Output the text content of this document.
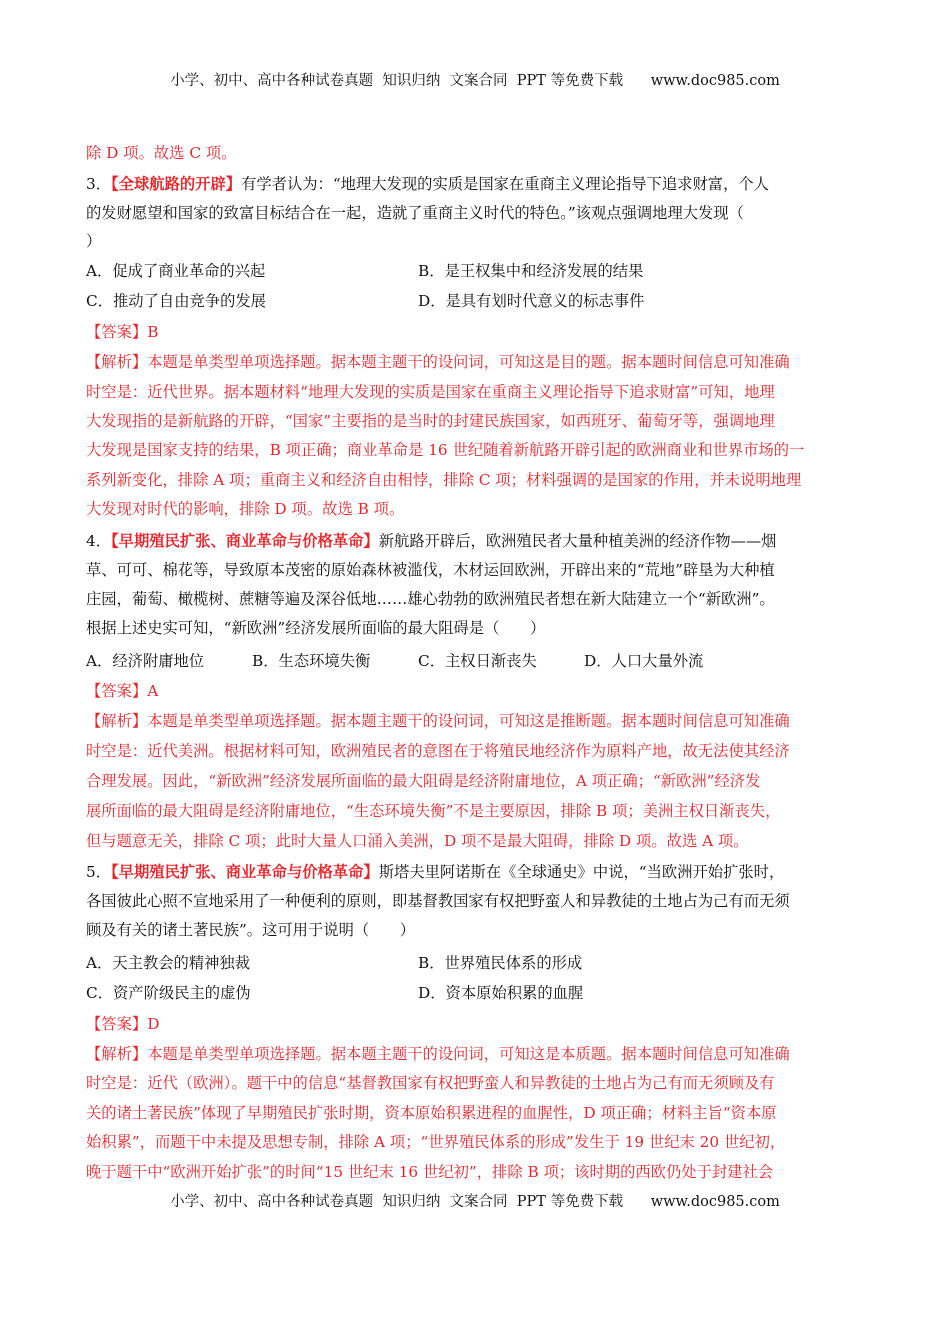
小学、初中、高中各种试卷真题  知识归纳  文案合同  PPT 等免费下载      www.doc985.com
除 D 项。故选 C 项。
3．【全球航路的开辟】有学者认为：“地理大发现的实质是国家在重商主义理论指导下追求财富，个人
的发财愿望和国家的致富目标结合在一起，造就了重商主义时代的特色。”该观点强调地理大发现（
）
A．促成了商业革命的兴起	B．是王权集中和经济发展的结果
C．推动了自由竞争的发展	D．是具有划时代意义的标志事件
【答案】B
【解析】本题是单类型单项选择题。据本题主题干的设问词，可知这是目的题。据本题时间信息可知准确
时空是：近代世界。据本题材料“地理大发现的实质是国家在重商主义理论指导下追求财富”可知，地理
大发现指的是新航路的开辟，“国家”主要指的是当时的封建民族国家，如西班牙、葡萄牙等，强调地理
大发现是国家支持的结果，B 项正确；商业革命是 16 世纪随着新航路开辟引起的欧洲商业和世界市场的一
系列新变化，排除 A 项；重商主义和经济自由相悖，排除 C 项；材料强调的是国家的作用，并未说明地理
大发现对时代的影响，排除 D 项。故选 B 项。
4．【早期殖民扩张、商业革命与价格革命】新航路开辟后，欧洲殖民者大量种植美洲的经济作物——烟
草、可可、棉花等，导致原本茂密的原始森林被滥伐，木材运回欧洲，开辟出来的“荒地”辟垦为大种植
庄园，葡萄、橄榄树、蔗糖等遍及深谷低地……雄心勃勃的欧洲殖民者想在新大陆建立一个“新欧洲”。
根据上述史实可知，“新欧洲”经济发展所面临的最大阻碍是（　　）
A．经济附庸地位	B．生态环境失衡	C．主权日渐丧失	D．人口大量外流
【答案】A
【解析】本题是单类型单项选择题。据本题主题干的设问词，可知这是推断题。据本题时间信息可知准确
时空是：近代美洲。根据材料可知，欧洲殖民者的意图在于将殖民地经济作为原料产地，故无法使其经济
合理发展。因此，“新欧洲”经济发展所面临的最大阻碍是经济附庸地位，A 项正确；“新欧洲”经济发
展所面临的最大阻碍是经济附庸地位，“生态环境失衡”不是主要原因，排除 B 项；美洲主权日渐丧失，
但与题意无关，排除 C 项；此时大量人口涌入美洲，D 项不是最大阻碍，排除 D 项。故选 A 项。
5．【早期殖民扩张、商业革命与价格革命】斯塔夫里阿诺斯在《全球通史》中说，“当欧洲开始扩张时，
各国彼此心照不宣地采用了一种便利的原则，即基督教国家有权把野蛮人和异教徒的土地占为己有而无须
顾及有关的诸土著民族”。这可用于说明（　　）
A．天主教会的精神独裁	B．世界殖民体系的形成
C．资产阶级民主的虚伪	D．资本原始积累的血腥
【答案】D
【解析】本题是单类型单项选择题。据本题主题干的设问词，可知这是本质题。据本题时间信息可知准确
时空是：近代（欧洲）。题干中的信息“基督教国家有权把野蛮人和异教徒的土地占为己有而无须顾及有
关的诸土著民族”体现了早期殖民扩张时期，资本原始积累进程的血腥性，D 项正确；材料主旨“资本原
始积累”，而题干中未提及思想专制，排除 A 项；“世界殖民体系的形成”发生于 19 世纪末 20 世纪初，
晚于题干中“欧洲开始扩张”的时间“15 世纪末 16 世纪初”，排除 B 项；该时期的西欧仍处于封建社会
小学、初中、高中各种试卷真题  知识归纳  文案合同  PPT 等免费下载      www.doc985.com
